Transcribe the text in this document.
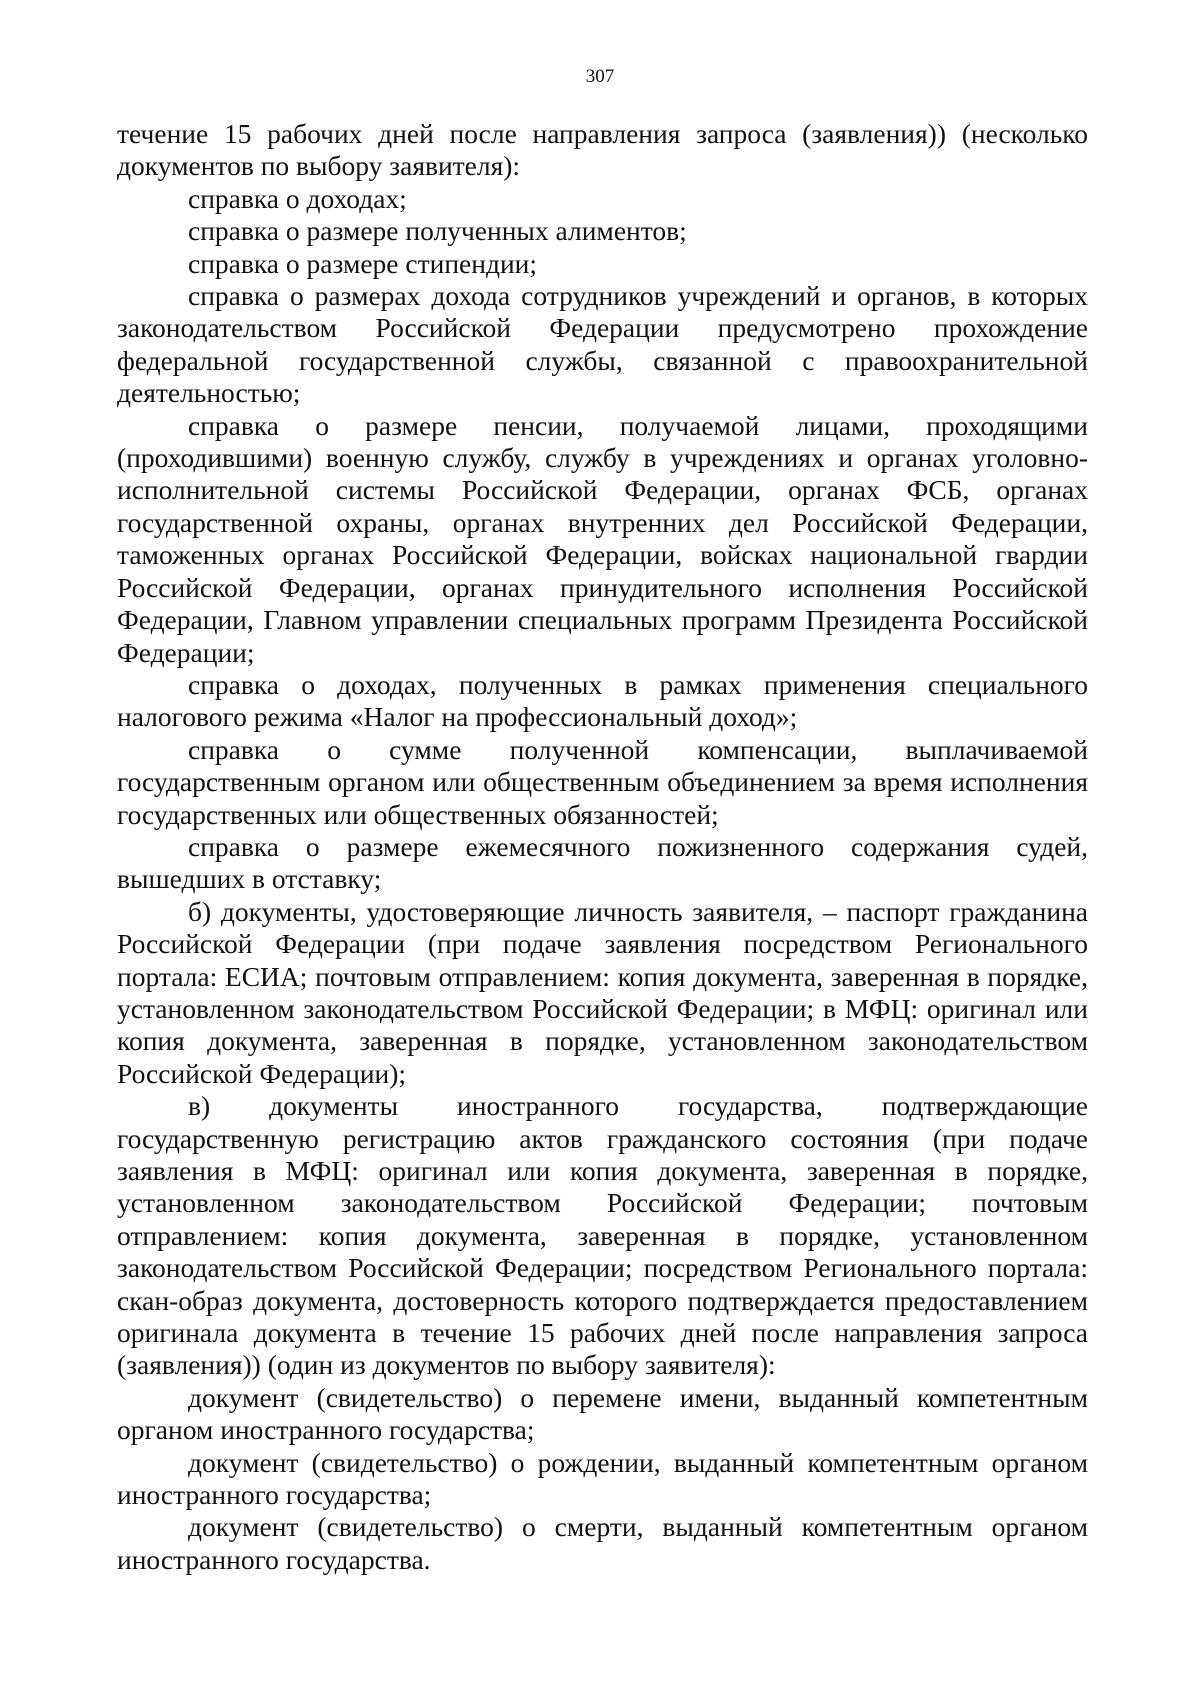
307

течение 15 рабочих дней после направления запроса (заявления)) (несколько документов по выбору заявителя):

справка о доходах;

справка о размере полученных алиментов;

справка о размере стипендии;

справка о размерах дохода сотрудников учреждений и органов, в которых законодательством Российской Федерации предусмотрено прохождение федеральной государственной службы, связанной с правоохранительной деятельностью;

справка о размере пенсии, получаемой лицами, проходящими (проходившими) военную службу, службу в учреждениях и органах уголовно-исполнительной системы Российской Федерации, органах ФСБ, органах государственной охраны, органах внутренних дел Российской Федерации, таможенных органах Российской Федерации, войсках национальной гвардии Российской Федерации, органах принудительного исполнения Российской Федерации, Главном управлении специальных программ Президента Российской Федерации;

справка о доходах, полученных в рамках применения специального налогового режима «Налог на профессиональный доход»;

справка о сумме полученной компенсации, выплачиваемой государственным органом или общественным объединением за время исполнения государственных или общественных обязанностей;

справка о размере ежемесячного пожизненного содержания судей, вышедших в отставку;

б) документы, удостоверяющие личность заявителя, – паспорт гражданина Российской Федерации (при подаче заявления посредством Регионального портала: ЕСИА; почтовым отправлением: копия документа, заверенная в порядке, установленном законодательством Российской Федерации; в МФЦ: оригинал или копия документа, заверенная в порядке, установленном законодательством Российской Федерации);

в) документы иностранного государства, подтверждающие государственную регистрацию актов гражданского состояния (при подаче заявления в МФЦ: оригинал или копия документа, заверенная в порядке, установленном законодательством Российской Федерации; почтовым отправлением: копия документа, заверенная в порядке, установленном законодательством Российской Федерации; посредством Регионального портала: скан-образ документа, достоверность которого подтверждается предоставлением оригинала документа в течение 15 рабочих дней после направления запроса (заявления)) (один из документов по выбору заявителя):

документ (свидетельство) о перемене имени, выданный компетентным органом иностранного государства;

документ (свидетельство) о рождении, выданный компетентным органом иностранного государства;

документ (свидетельство) о смерти, выданный компетентным органом иностранного государства.
